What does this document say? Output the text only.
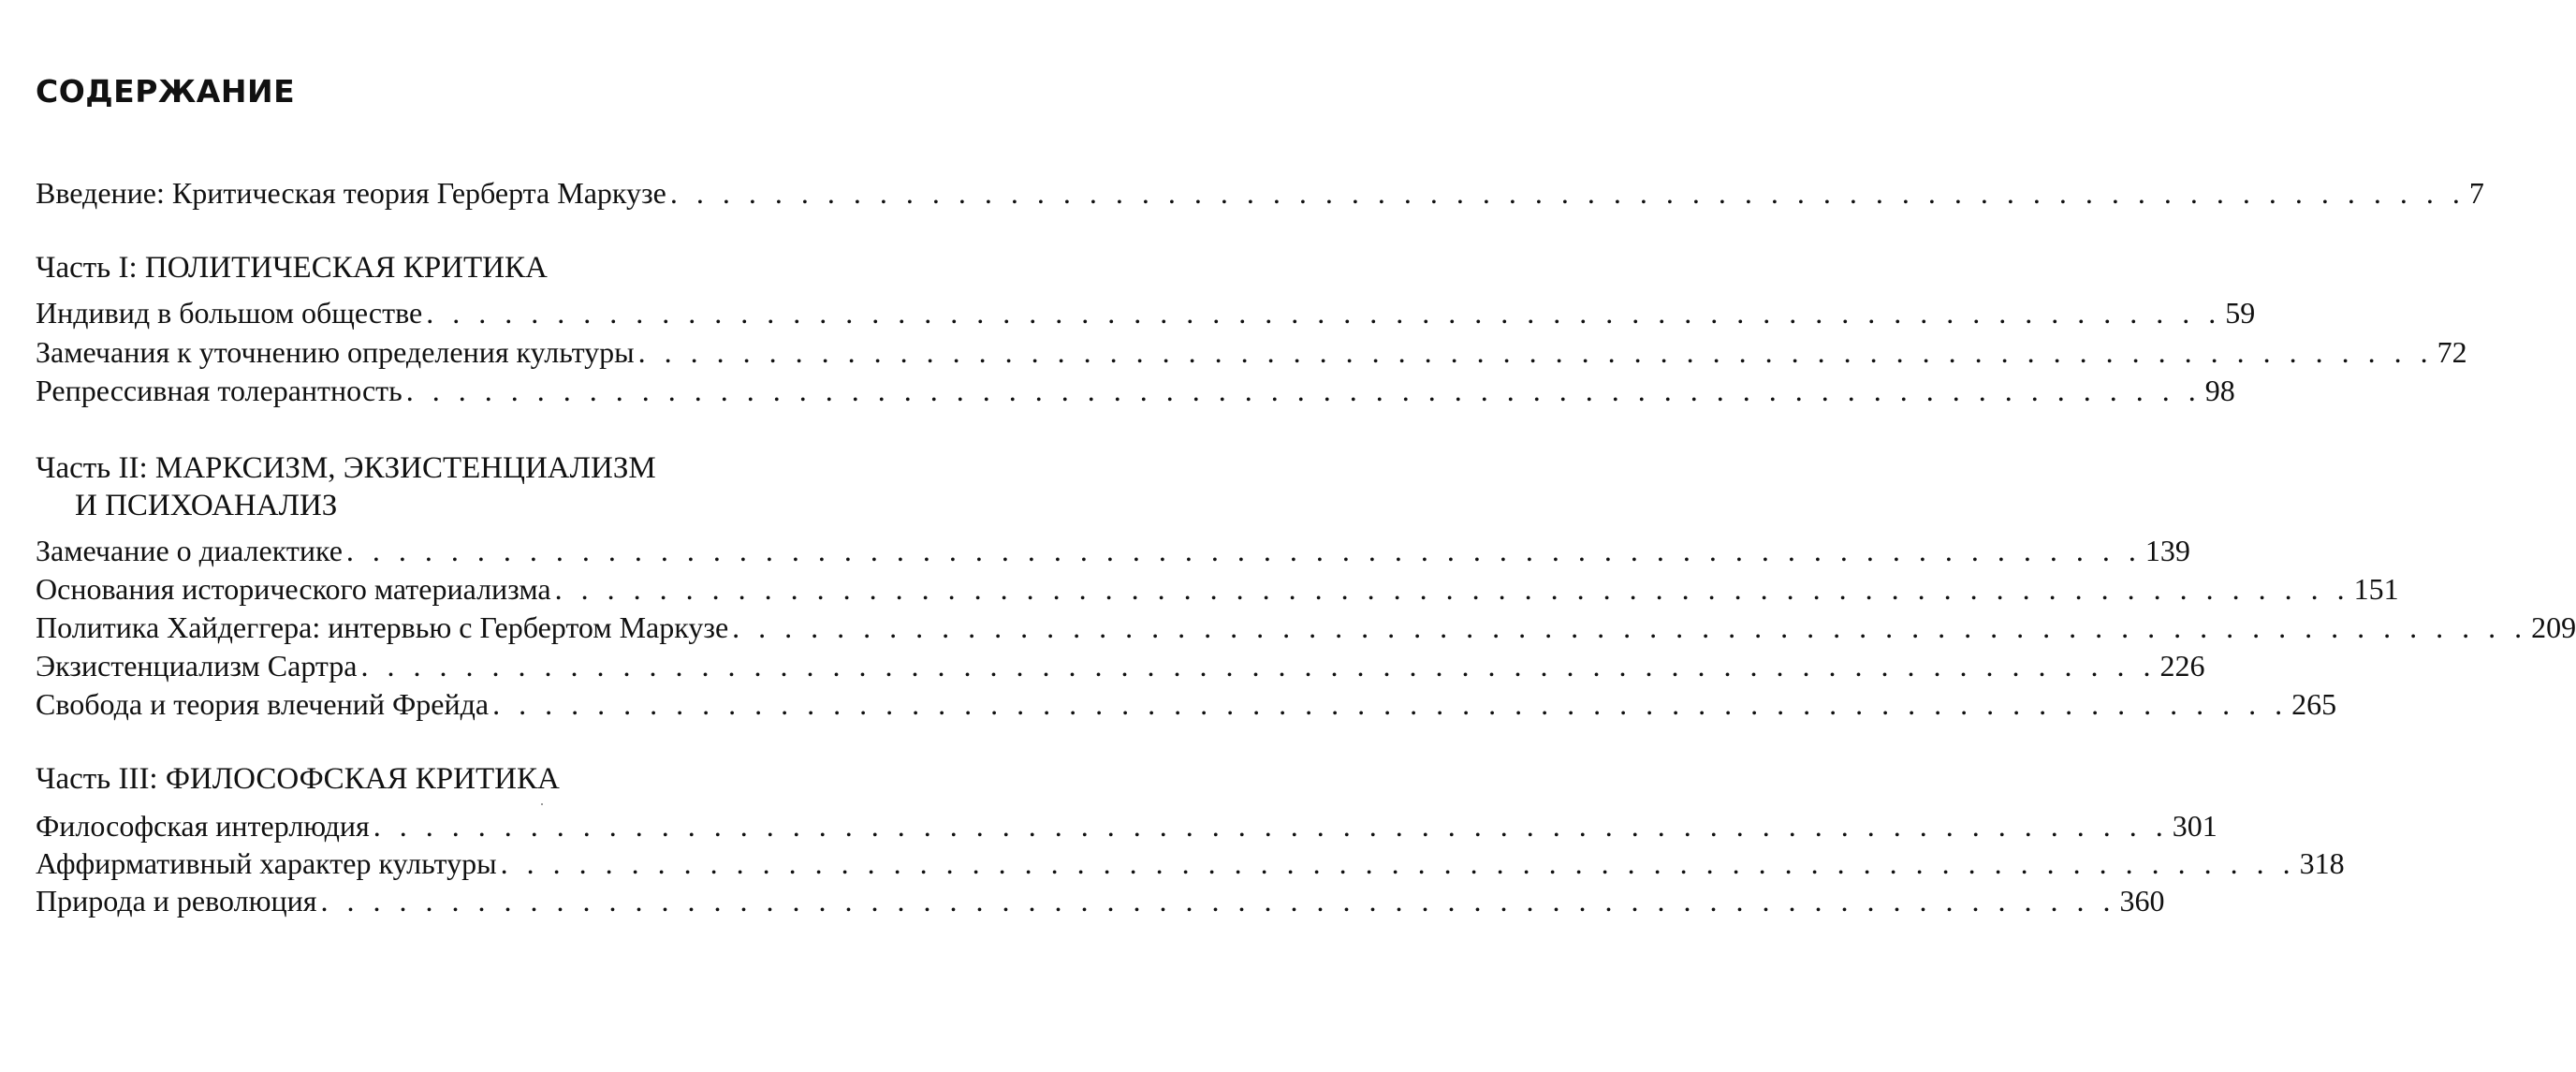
СОДЕРЖАНИЕ
Введение: Критическая теория Герберта Маркузе . . . . . . . . . . . . . . . . . . . . . . . . . . . . . . . . . . . . . . . . . . . . . . . . . . . . . . . . . . . . . . . . . . . . . 7
Часть I: ПОЛИТИЧЕСКАЯ КРИТИКА
Индивид в большом обществе . . . . . . . . . . . . . . . . . . . . . . . . . . . . . . . . . . . . . . . . . . . . . . . . . . . . . . . . . . . . . . . . . . . . . 59
Замечания к уточнению определения культуры . . . . . . . . . . . . . . . . . . . . . . . . . . . . . . . . . . . . . . . . . . . . . . . . . . . . . . . . . . . . . . . . . . . . . 72
Репрессивная толерантность . . . . . . . . . . . . . . . . . . . . . . . . . . . . . . . . . . . . . . . . . . . . . . . . . . . . . . . . . . . . . . . . . . . . . 98
Часть II: МАРКСИЗМ, ЭКЗИСТЕНЦИАЛИЗМ
И ПСИХОАНАЛИЗ
Замечание о диалектике . . . . . . . . . . . . . . . . . . . . . . . . . . . . . . . . . . . . . . . . . . . . . . . . . . . . . . . . . . . . . . . . . . . . . 139
Основания исторического материализма . . . . . . . . . . . . . . . . . . . . . . . . . . . . . . . . . . . . . . . . . . . . . . . . . . . . . . . . . . . . . . . . . . . . . 151
Политика Хайдеггера: интервью с Гербертом Маркузе . . . . . . . . . . . . . . . . . . . . . . . . . . . . . . . . . . . . . . . . . . . . . . . . . . . . . . . . . . . . . . . . . . . . . 209
Экзистенциализм Сартра . . . . . . . . . . . . . . . . . . . . . . . . . . . . . . . . . . . . . . . . . . . . . . . . . . . . . . . . . . . . . . . . . . . . . 226
Свобода и теория влечений Фрейда . . . . . . . . . . . . . . . . . . . . . . . . . . . . . . . . . . . . . . . . . . . . . . . . . . . . . . . . . . . . . . . . . . . . . 265
Часть III: ФИЛОСОФСКАЯ КРИТИКА
Философская интерлюдия . . . . . . . . . . . . . . . . . . . . . . . . . . . . . . . . . . . . . . . . . . . . . . . . . . . . . . . . . . . . . . . . . . . . . 301
Аффирмативный характер культуры . . . . . . . . . . . . . . . . . . . . . . . . . . . . . . . . . . . . . . . . . . . . . . . . . . . . . . . . . . . . . . . . . . . . . 318
Природа и революция . . . . . . . . . . . . . . . . . . . . . . . . . . . . . . . . . . . . . . . . . . . . . . . . . . . . . . . . . . . . . . . . . . . . . 360
